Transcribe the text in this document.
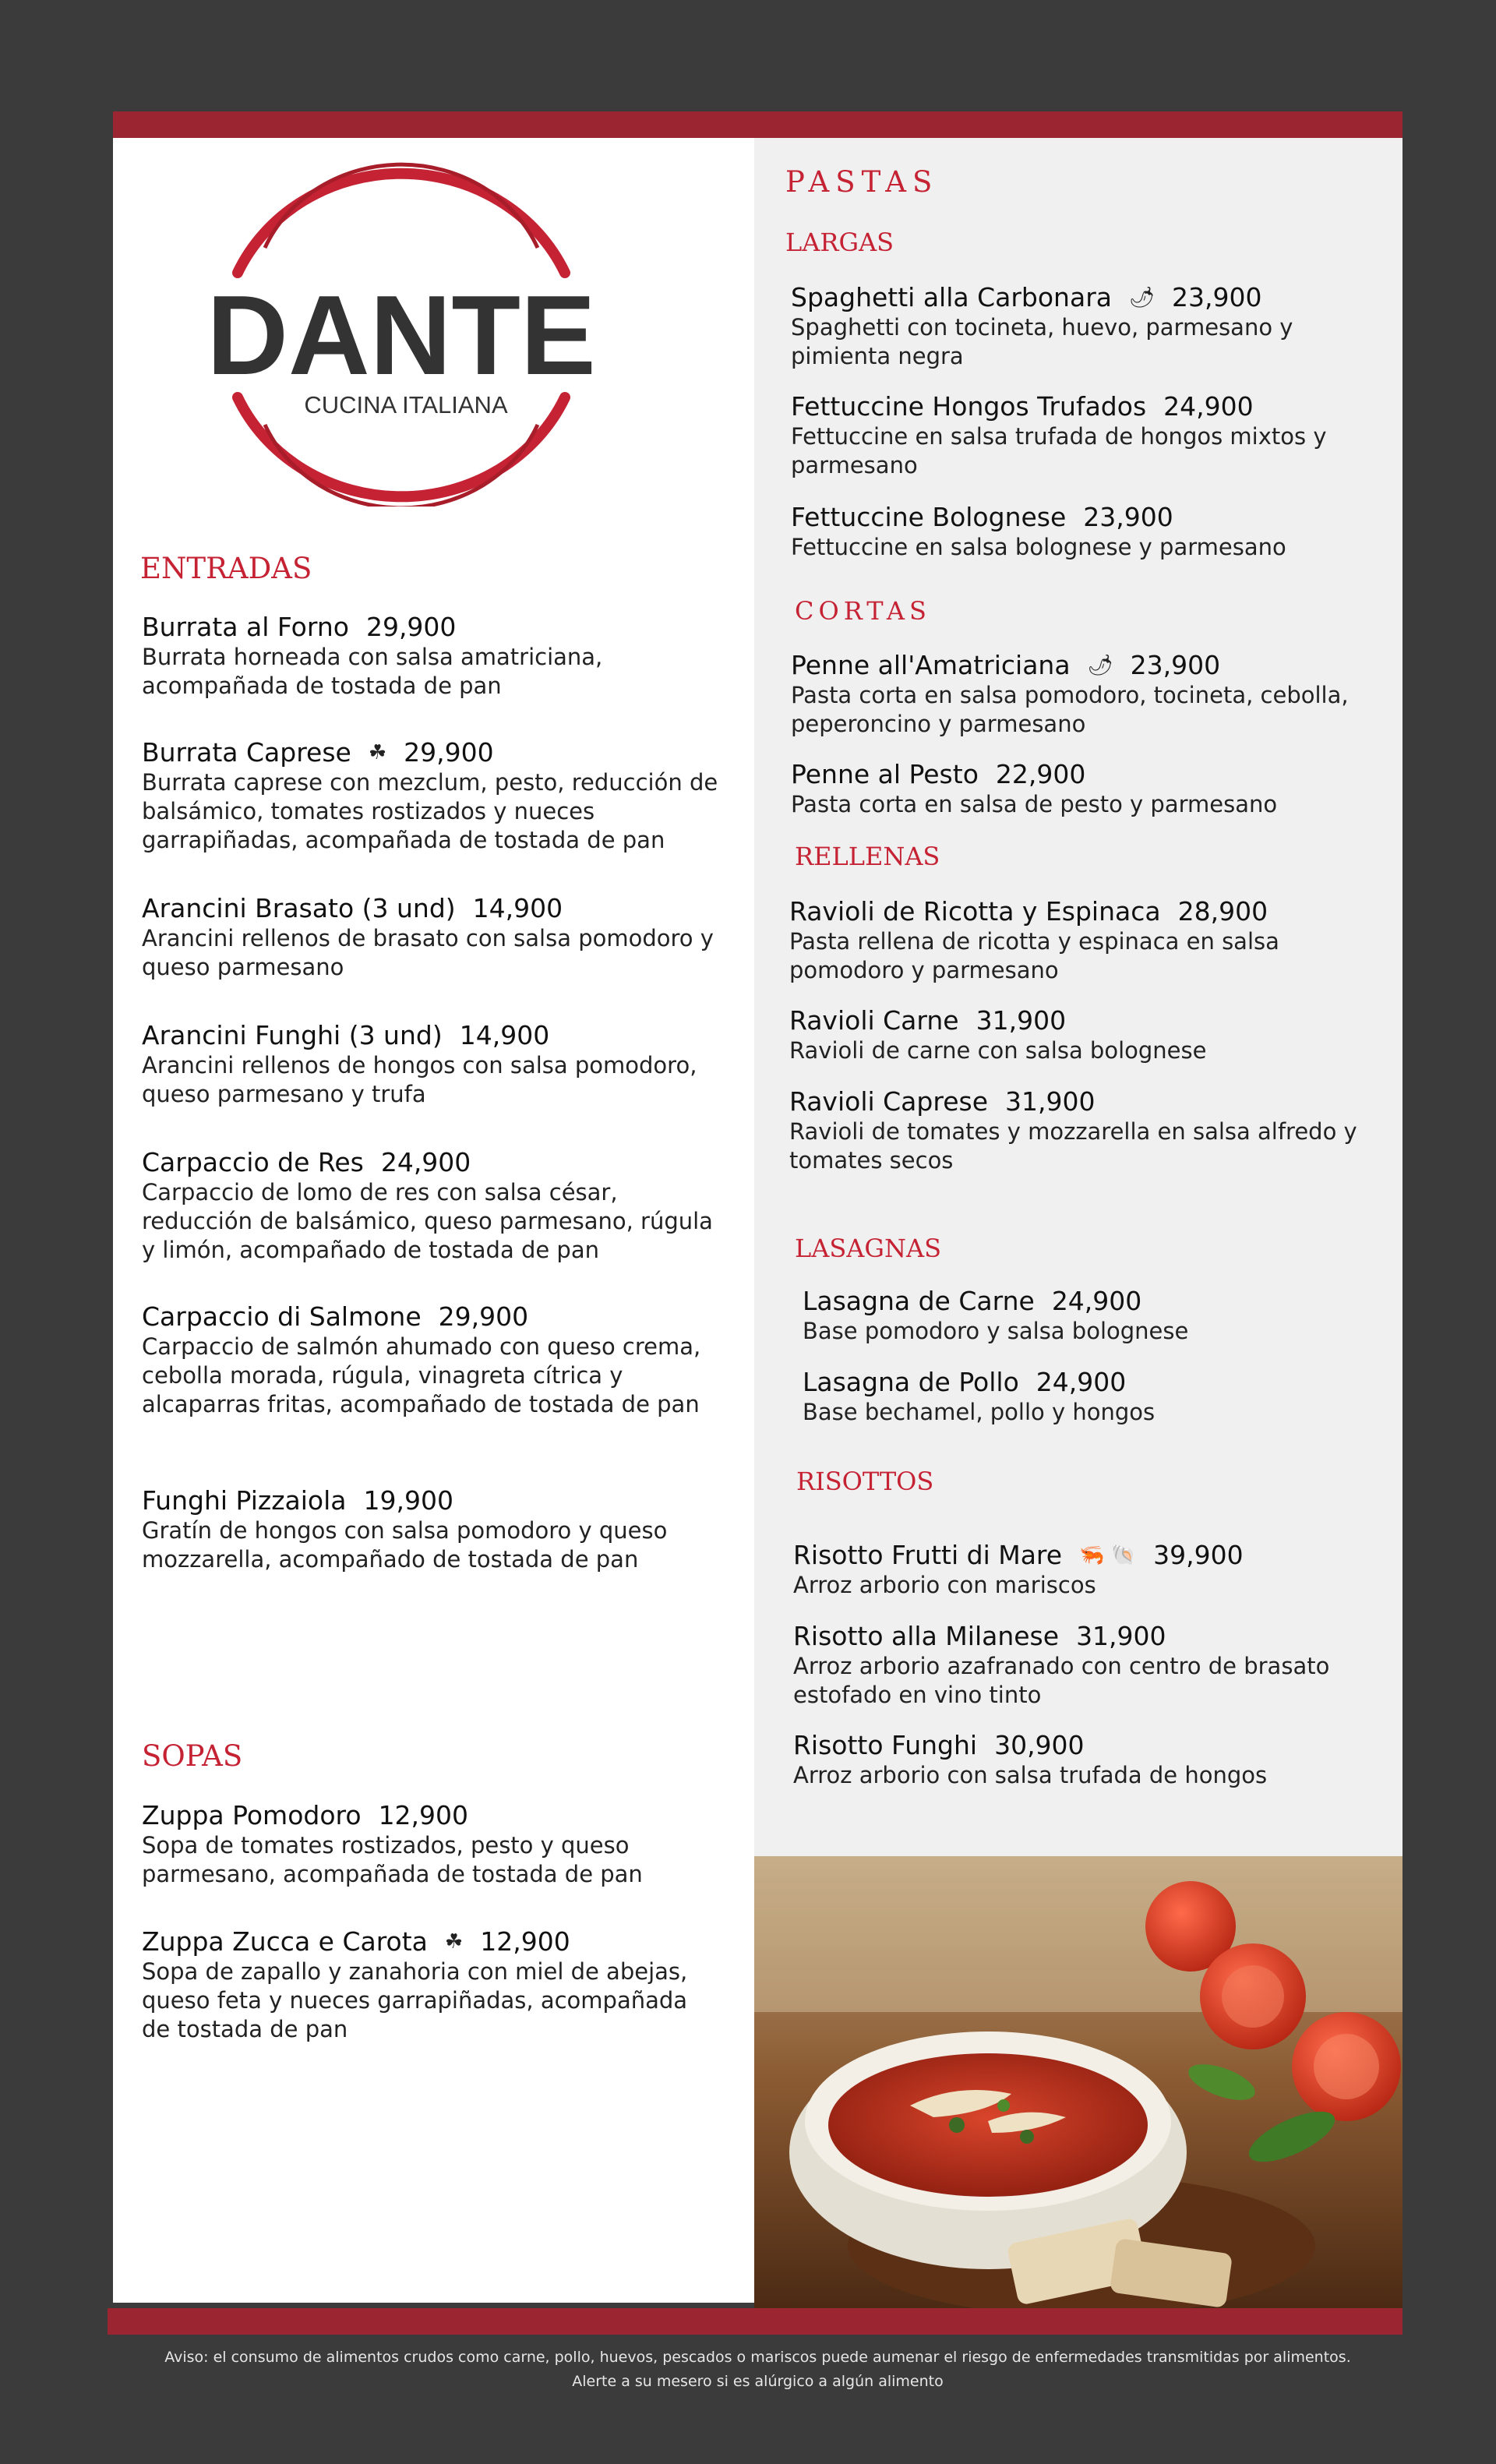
DANTE
CUCINA ITALIANA
ENTRADAS
Burrata al Forno 29,900
Burrata horneada con salsa amatriciana, acompañada de tostada de pan
Burrata Caprese ☘ 29,900
Burrata caprese con mezclum, pesto, reducción de balsámico, tomates rostizados y nueces garrapiñadas, acompañada de tostada de pan
Arancini Brasato (3 und) 14,900
Arancini rellenos de brasato con salsa pomodoro y queso parmesano
Arancini Funghi (3 und) 14,900
Arancini rellenos de hongos con salsa pomodoro, queso parmesano y trufa
Carpaccio de Res 24,900
Carpaccio de lomo de res con salsa césar, reducción de balsámico, queso parmesano, rúgula y limón, acompañado de tostada de pan
Carpaccio di Salmone 29,900
Carpaccio de salmón ahumado con queso crema, cebolla morada, rúgula, vinagreta cítrica y alcaparras fritas, acompañado de tostada de pan
Funghi Pizzaiola 19,900
Gratín de hongos con salsa pomodoro y queso mozzarella, acompañado de tostada de pan
SOPAS
Zuppa Pomodoro 12,900
Sopa de tomates rostizados, pesto y queso parmesano, acompañada de tostada de pan
Zuppa Zucca e Carota ☘ 12,900
Sopa de zapallo y zanahoria con miel de abejas, queso feta y nueces garrapiñadas, acompañada de tostada de pan
PASTAS
LARGAS
Spaghetti alla Carbonara 🌶 23,900
Spaghetti con tocineta, huevo, parmesano y pimienta negra
Fettuccine Hongos Trufados 24,900
Fettuccine en salsa trufada de hongos mixtos y parmesano
Fettuccine Bolognese 23,900
Fettuccine en salsa bolognese y parmesano
CORTAS
Penne all'Amatriciana 🌶 23,900
Pasta corta en salsa pomodoro, tocineta, cebolla, peperoncino y parmesano
Penne al Pesto 22,900
Pasta corta en salsa de pesto y parmesano
RELLENAS
Ravioli de Ricotta y Espinaca 28,900
Pasta rellena de ricotta y espinaca en salsa pomodoro y parmesano
Ravioli Carne 31,900
Ravioli de carne con salsa bolognese
Ravioli Caprese 31,900
Ravioli de tomates y mozzarella en salsa alfredo y tomates secos
LASAGNAS
Lasagna de Carne 24,900
Base pomodoro y salsa bolognese
Lasagna de Pollo 24,900
Base bechamel, pollo y hongos
RISOTTOS
Risotto Frutti di Mare 🦐 🐚 39,900
Arroz arborio con mariscos
Risotto alla Milanese 31,900
Arroz arborio azafranado con centro de brasato estofado en vino tinto
Risotto Funghi 30,900
Arroz arborio con salsa trufada de hongos
Aviso: el consumo de alimentos crudos como carne, pollo, huevos, pescados o mariscos puede aumenar el riesgo de enfermedades transmitidas por alimentos.
Alerte a su mesero si es alúrgico a algún alimento
